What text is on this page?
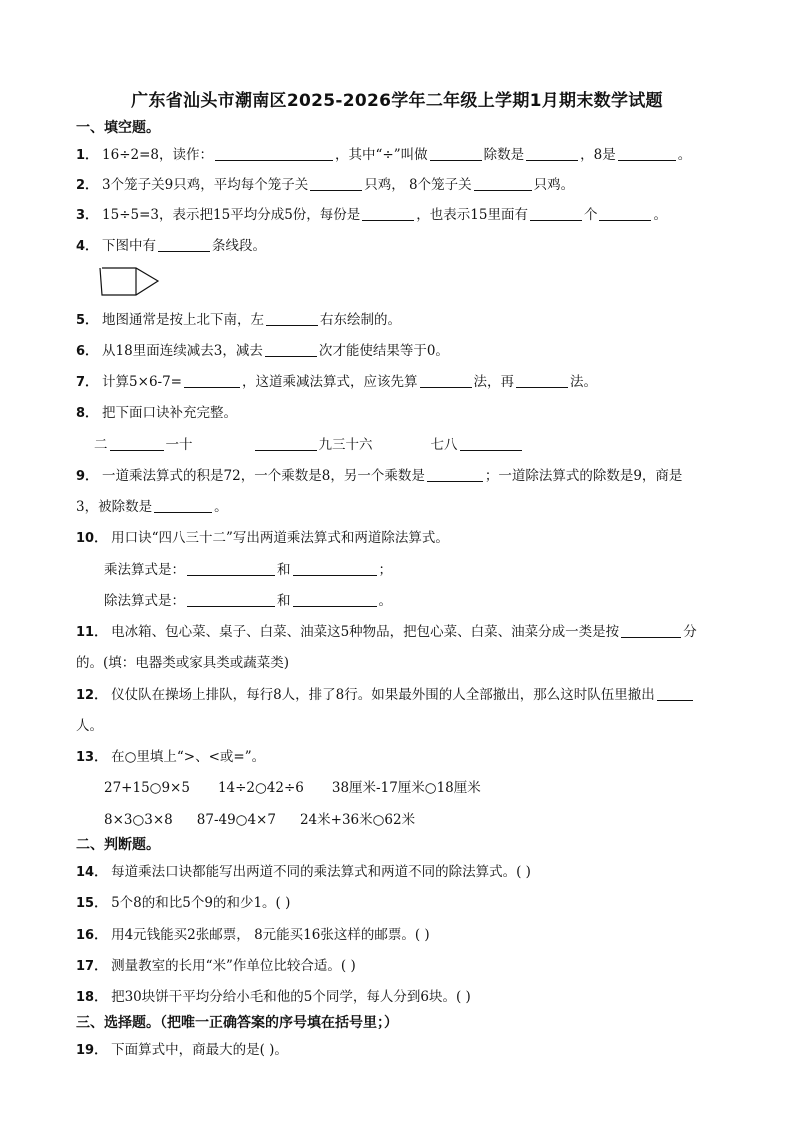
广东省汕头市潮南区2025-2026学年二年级上学期1月期末数学试题
一、填空题。
1． 16÷2=8，读作：	，其中“÷”叫做	除数是	，8是	。
2． 3个笼子关9只鸡，平均每个笼子关	只鸡， 8个笼子关	只鸡。
3． 15÷5=3，表示把15平均分成5份，每份是	，也表示15里面有	个	。
4． 下图中有	条线段。
5． 地图通常是按上北下南，左	右东绘制的。
6． 从18里面连续减去3，减去	次才能使结果等于0。
7． 计算5×6-7=	，这道乘减法算式，应该先算	法，再	法。
8． 把下面口诀补充完整。
二	一十	九三十六	七八
9． 一道乘法算式的积是72，一个乘数是8，另一个乘数是	；一道除法算式的除数是9，商是
3，被除数是	。
10． 用口诀“四八三十二”写出两道乘法算式和两道除法算式。
乘法算式是：	和	；
除法算式是：	和	。
11． 电冰箱、包心菜、桌子、白菜、油菜这5种物品，把包心菜、白菜、油菜分成一类是按	分
的。(填：电器类或家具类或蔬菜类)
12． 仪仗队在操场上排队，每行8人，排了8行。如果最外围的人全部撤出，那么这时队伍里撤出
人。
13． 在○里填上“>、<或=”。
27+15○9×5 14÷2○42÷6 38厘米-17厘米○18厘米
8×3○3×8 87-49○4×7 24米+36米○62米
二、判断题。
14． 每道乘法口诀都能写出两道不同的乘法算式和两道不同的除法算式。( )
15． 5个8的和比5个9的和少1。( )
16． 用4元钱能买2张邮票， 8元能买16张这样的邮票。( )
17． 测量教室的长用“米”作单位比较合适。( )
18． 把30块饼干平均分给小毛和他的5个同学，每人分到6块。( )
三、选择题。（把唯一正确答案的序号填在括号里；）
19． 下面算式中，商最大的是( )。
